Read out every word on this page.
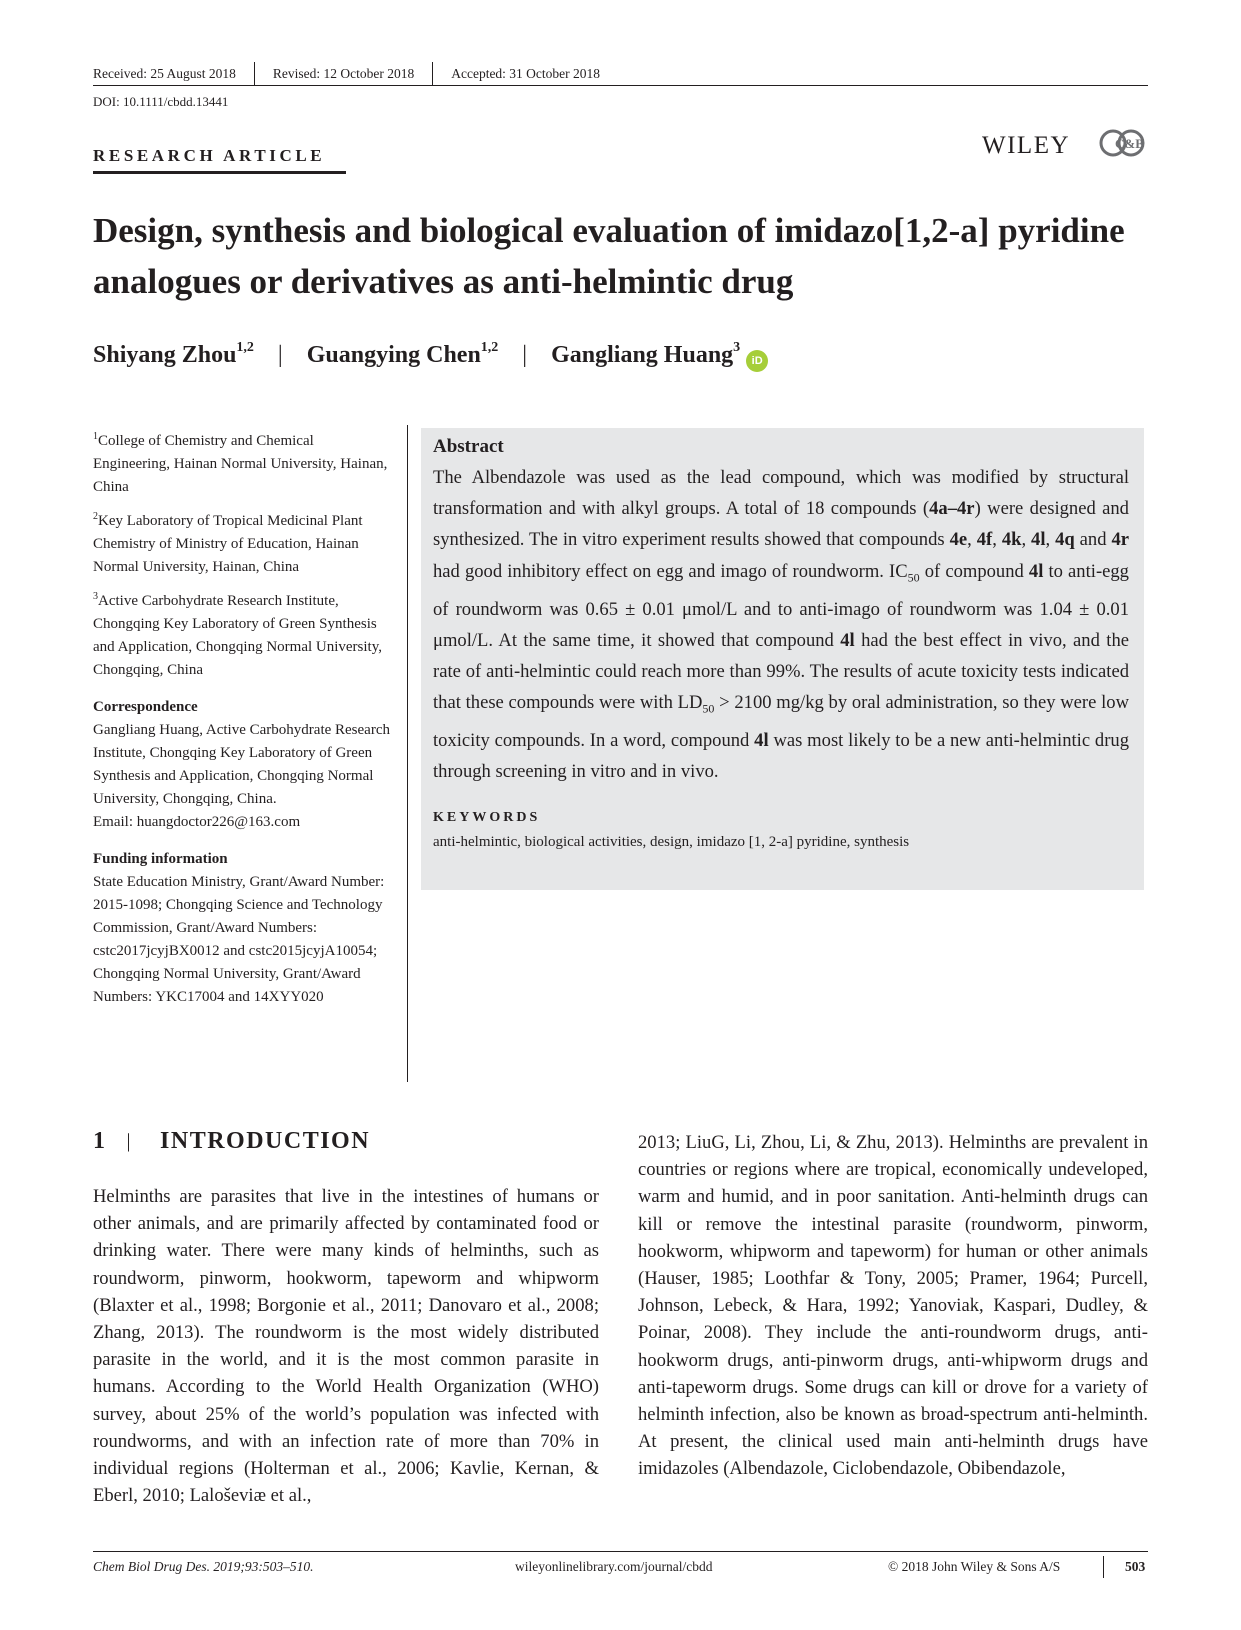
Received: 25 August 2018	Revised: 12 October 2018	Accepted: 31 October 2018
DOI: 10.1111/cbdd.13441
RESEARCH ARTICLE	WILEY	C&B
Design, synthesis and biological evaluation of imidazo[1,2-a] pyridine analogues or derivatives as anti-helmintic drug
Shiyang Zhou$^{1,2}$ | Guangying Chen$^{1,2}$ | Gangliang Huang$^3$
iD

$^1$College of Chemistry and Chemical Engineering, Hainan Normal University, Hainan, China

$^2$Key Laboratory of Tropical Medicinal Plant Chemistry of Ministry of Education, Hainan Normal University, Hainan, China

$^3$Active Carbohydrate Research Institute, Chongqing Key Laboratory of Green Synthesis and Application, Chongqing Normal University, Chongqing, China

Correspondence

Gangliang Huang, Active Carbohydrate Research Institute, Chongqing Key Laboratory of Green Synthesis and Application, Chongqing Normal University, Chongqing, China.

Email: huangdoctor226@163.com

Funding information

State Education Ministry, Grant/Award Number: 2015-1098; Chongqing Science and Technology Commission, Grant/Award Numbers: cstc2017jcyjBX0012 and cstc2015jcyjA10054; Chongqing Normal University, Grant/Award Numbers: YKC17004 and 14XYY020

Abstract
The Albendazole was used as the lead compound, which was modified by structural transformation and with alkyl groups. A total of 18 compounds (4a–4r) were designed and synthesized. The in vitro experiment results showed that compounds 4e, 4f, 4k, 4l, 4q and 4r had good inhibitory effect on egg and imago of roundworm. $IC_{50}$ of compound 4l to anti-egg of roundworm was 0.65 ± 0.01 μmol/L and to anti-imago of roundworm was 1.04 ± 0.01 μmol/L. At the same time, it showed that compound 4l had the best effect in vivo, and the rate of anti-helmintic could reach more than 99%. The results of acute toxicity tests indicated that these compounds were with $LD_{50} > 2100$ mg/kg by oral administration, so they were low toxicity compounds. In a word, compound 4l was most likely to be a new anti-helmintic drug through screening in vitro and in vivo.
KEYWORDS
anti-helmintic, biological activities, design, imidazo [1, 2-a] pyridine, synthesis
1 | INTRODUCTION
Helminths are parasites that live in the intestines of humans or other animals, and are primarily affected by contaminated food or drinking water. There were many kinds of helminths, such as roundworm, pinworm, hookworm, tapeworm and whipworm (Blaxter et al., 1998; Borgonie et al., 2011; Danovaro et al., 2008; Zhang, 2013). The roundworm is the most widely distributed parasite in the world, and it is the most common parasite in humans. According to the World Health Organization (WHO) survey, about 25% of the world’s population was infected with roundworms, and with an infection rate of more than 70% in individual regions (Holterman et al., 2006; Kavlie, Kernan, & Eberl, 2010; Laloševiæ et al.,
2013; LiuG, Li, Zhou, Li, & Zhu, 2013). Helminths are prevalent in countries or regions where are tropical, economically undeveloped, warm and humid, and in poor sanitation. Anti-helminth drugs can kill or remove the intestinal parasite (roundworm, pinworm, hookworm, whipworm and tapeworm) for human or other animals (Hauser, 1985; Loothfar & Tony, 2005; Pramer, 1964; Purcell, Johnson, Lebeck, & Hara, 1992; Yanoviak, Kaspari, Dudley, & Poinar, 2008). They include the anti-roundworm drugs, anti-hookworm drugs, anti-pinworm drugs, anti-whipworm drugs and anti-tapeworm drugs. Some drugs can kill or drove for a variety of helminth infection, also be known as broad-spectrum anti-helminth. At present, the clinical used main anti-helminth drugs have imidazoles (Albendazole, Ciclobendazole, Obibendazole,
Chem Biol Drug Des. 2019;93:503–510.	wileyonlinelibrary.com/journal/cbdd	© 2018 John Wiley & Sons A/S	503
